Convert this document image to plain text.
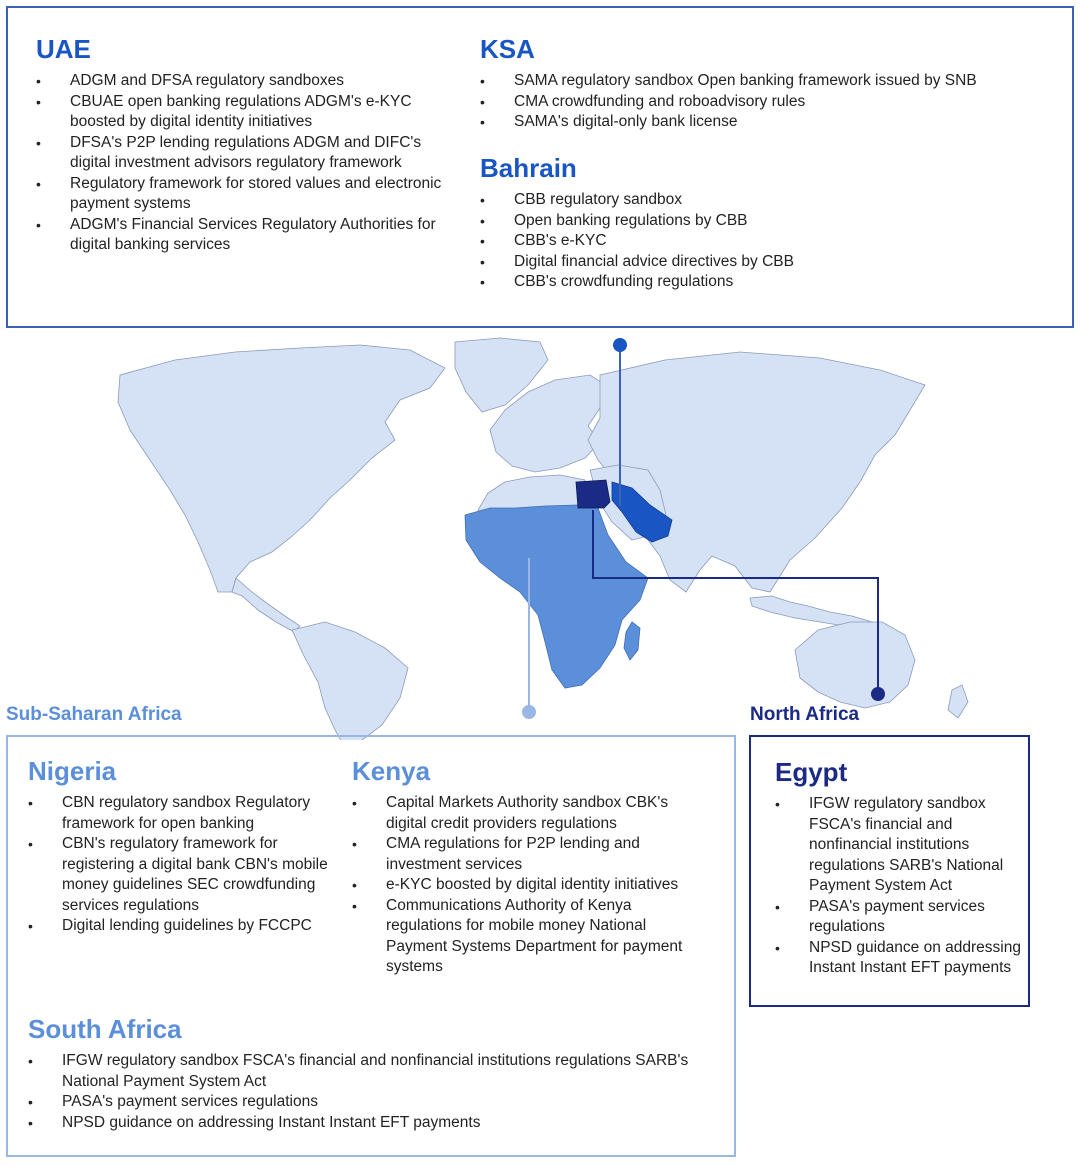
UAE
• ADGM and DFSA regulatory sandboxes
• CBUAE open banking regulations ADGM's e-KYC boosted by digital identity initiatives
• DFSA's P2P lending regulations ADGM and DIFC's digital investment advisors regulatory framework
• Regulatory framework for stored values and electronic payment systems
• ADGM's Financial Services Regulatory Authorities for digital banking services
KSA
• SAMA regulatory sandbox Open banking framework issued by SNB
• CMA crowdfunding and roboadvisory rules
• SAMA's digital-only bank license
Bahrain
• CBB regulatory sandbox
• Open banking regulations by CBB
• CBB's e-KYC
• Digital financial advice directives by CBB
• CBB's crowdfunding regulations
Sub-Saharan Africa	North Africa
Nigeria
• CBN regulatory sandbox Regulatory framework for open banking
• CBN's regulatory framework for registering a digital bank CBN's mobile money guidelines SEC crowdfunding services regulations
• Digital lending guidelines by FCCPC
Kenya
• Capital Markets Authority sandbox CBK's digital credit providers regulations
• CMA regulations for P2P lending and investment services
• e-KYC boosted by digital identity initiatives
• Communications Authority of Kenya regulations for mobile money National Payment Systems Department for payment systems
South Africa
• IFGW regulatory sandbox FSCA's financial and nonfinancial institutions regulations SARB's National Payment System Act
• PASA's payment services regulations
• NPSD guidance on addressing Instant Instant EFT payments
Egypt
• IFGW regulatory sandbox FSCA's financial and nonfinancial institutions regulations SARB's National Payment System Act
• PASA's payment services regulations
• NPSD guidance on addressing Instant Instant EFT payments
